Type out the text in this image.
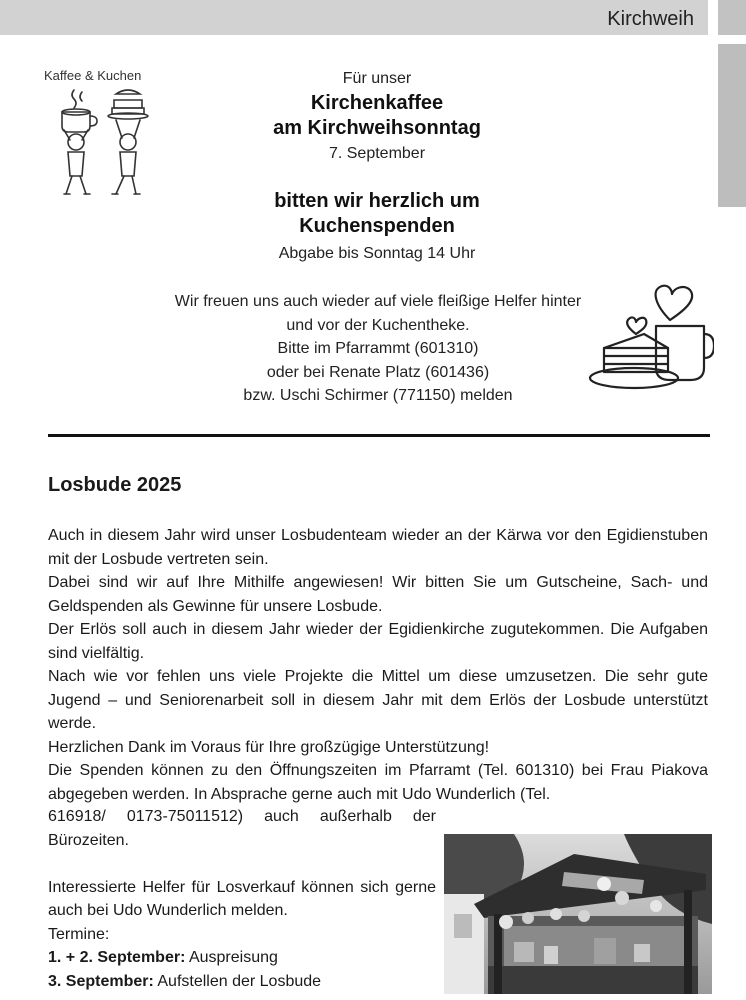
Kirchweih
Kaffee & Kuchen	Für unser
Kirchenkaffee
am Kirchweihsonntag
7. September
bitten wir herzlich um
Kuchenspenden
Abgabe bis Sonntag 14 Uhr
Wir freuen uns auch wieder auf viele fleißige Helfer hinter
und vor der Kuchentheke.
Bitte im Pfarrammt (601310)
oder bei Renate Platz (601436)
bzw. Uschi Schirmer (771150) melden
Losbude 2025

Auch in diesem Jahr wird unser Losbudenteam wieder an der Kärwa vor den Egidienstuben mit der Losbude vertreten sein.

Dabei sind wir auf Ihre Mithilfe angewiesen! Wir bitten Sie um Gutscheine, Sach- und Geldspenden als Gewinne für unsere Losbude.

Der Erlös soll auch in diesem Jahr wieder der Egidienkirche zugutekommen. Die Aufgaben sind vielfältig.

Nach wie vor fehlen uns viele Projekte die Mittel um diese umzusetzen. Die sehr gute Jugend – und Seniorenarbeit soll in diesem Jahr mit dem Erlös der Losbude unterstützt werde.

Herzlichen Dank im Voraus für Ihre großzügige Unterstützung!

Die Spenden können zu den Öffnungszeiten im Pfarramt (Tel. 601310) bei Frau Piakova abgegeben werden. In Absprache gerne auch mit Udo Wunderlich (Tel.

616918/ 0173-75011512) auch außerhalb der Bürozeiten.

Interessierte Helfer für Losverkauf können sich gerne auch bei Udo Wunderlich melden.

Termine:

1. + 2. September: Auspreisung

3. September: Aufstellen der Losbude
